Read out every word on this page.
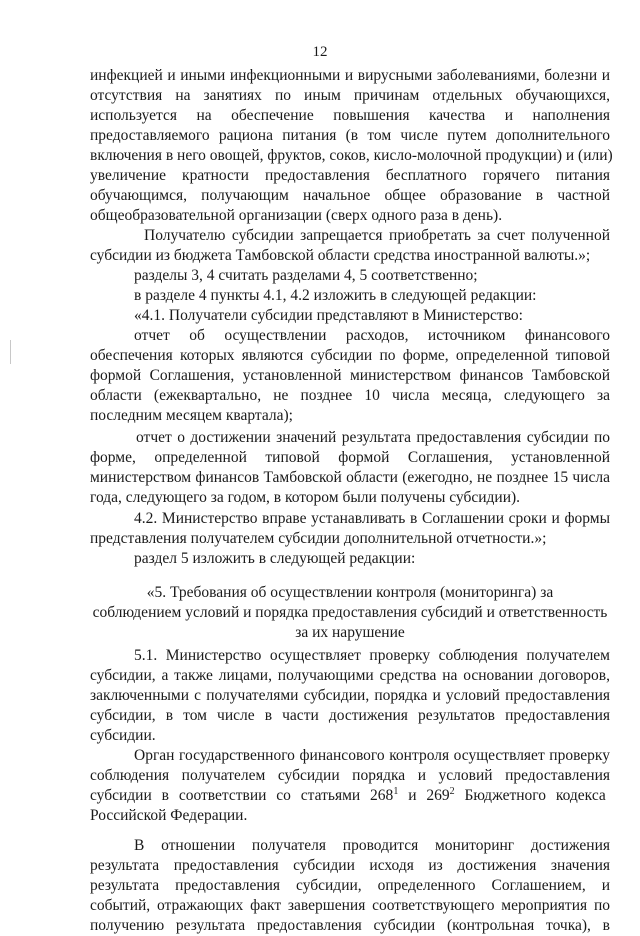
12
инфекцией и иными инфекционными и вирусными заболеваниями, болезни и
отсутствия на занятиях по иным причинам отдельных обучающихся,
используется на обеспечение повышения качества и наполнения
предоставляемого рациона питания (в том числе путем дополнительного
включения в него овощей, фруктов, соков, кисло-молочной продукции) и (или)
увеличение кратности предоставления бесплатного горячего питания
обучающимся, получающим начальное общее образование в частной
общеобразовательной организации (сверх одного раза в день).
Получателю субсидии запрещается приобретать за счет полученной
субсидии из бюджета Тамбовской области средства иностранной валюты.»;
разделы 3, 4 считать разделами 4, 5 соответственно;
в разделе 4 пункты 4.1, 4.2 изложить в следующей редакции:
«4.1. Получатели субсидии представляют в Министерство:
отчет об осуществлении расходов, источником финансового
обеспечения которых являются субсидии по форме, определенной типовой
формой Соглашения, установленной министерством финансов Тамбовской
области (ежеквартально, не позднее 10 числа месяца, следующего за
последним месяцем квартала);
отчет о достижении значений результата предоставления субсидии по
форме, определенной типовой формой Соглашения, установленной
министерством финансов Тамбовской области (ежегодно, не позднее 15 числа
года, следующего за годом, в котором были получены субсидии).
4.2. Министерство вправе устанавливать в Соглашении сроки и формы
представления получателем субсидии дополнительной отчетности.»;
раздел 5 изложить в следующей редакции:
«5. Требования об осуществлении контроля (мониторинга) за
соблюдением условий и порядка предоставления субсидий и ответственность
за их нарушение
5.1. Министерство осуществляет проверку соблюдения получателем
субсидии, а также лицами, получающими средства на основании договоров,
заключенными с получателями субсидии, порядка и условий предоставления
субсидии, в том числе в части достижения результатов предоставления
субсидии.
Орган государственного финансового контроля осуществляет проверку
соблюдения получателем субсидии порядка и условий предоставления
субсидии в соответствии со статьями $268^1$ и $269^2$ Бюджетного кодекса
Российской Федерации.
В отношении получателя проводится мониторинг достижения
результата предоставления субсидии исходя из достижения значения
результата предоставления субсидии, определенного Соглашением, и
событий, отражающих факт завершения соответствующего мероприятия по
получению результата предоставления субсидии (контрольная точка), в
